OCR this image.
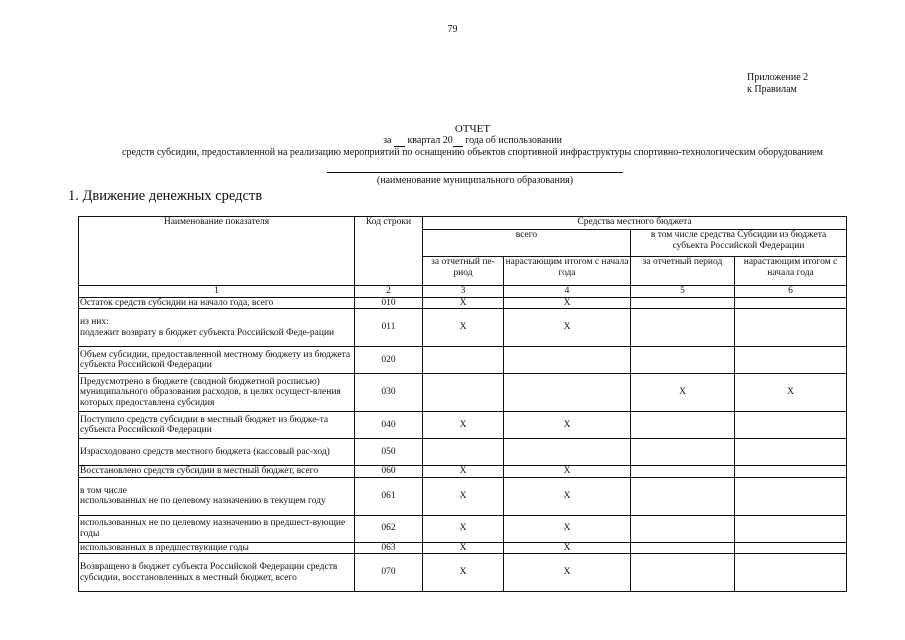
79
Приложение 2
к Правилам
ОТЧЕТ
за квартал 20 года об использовании
средств субсидии, предоставленной на реализацию мероприятий по оснащению объектов спортивной инфраструктуры спортивно-технологическим оборудованием
(наименование муниципального образования)
1. Движение денежных средств
Наименование показателя	Код строки	Средства местного бюджета			
		всего		в том числе средства Субсидии из бюджета субъекта Российской Федерации	
		за отчетный пе-риод	нарастающим итогом с начала года	за отчетный период	нарастающим итогом с начала года
1	2	3	4	5	6
Остаток средств субсидии на начало года, всего	010	X	X		
из них:
подлежит возврату в бюджет субъекта Российской Феде-рации	011	X	X		
Объем субсидии, предоставленной местному бюджету из бюджета субъекта Российской Федерации	020				
Предусмотрено в бюджете (сводной бюджетной росписью) муниципального образования расходов, в целях осущест-вления которых предоставлена субсидия	030			X	X
Поступило средств субсидии в местный бюджет из бюдже-та субъекта Российской Федерации	040	X	X		
Израсходовано средств местного бюджета (кассовый рас-ход)	050				
Восстановлено средств субсидии в местный бюджет, всего	060	X	X		
в том числе
использованных не по целевому назначению в текущем году	061	X	X		
использованных не по целевому назначению в предшест-вующие годы	062	X	X		
использованных в предшествующие годы	063	X	X		
Возвращено в бюджет субъекта Российской Федерации средств субсидии, восстановленных в местный бюджет, всего	070	X	X		
